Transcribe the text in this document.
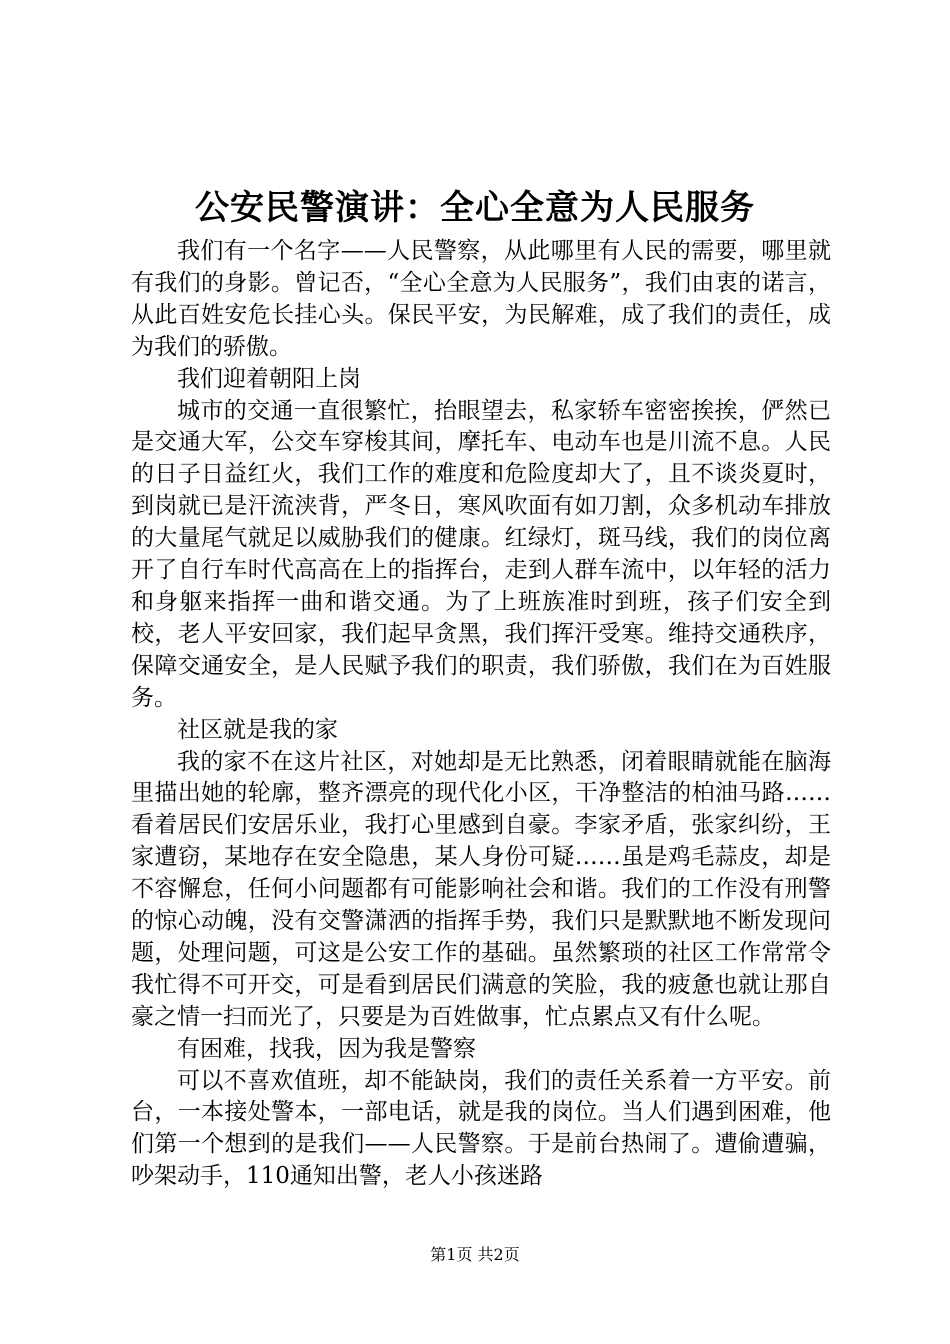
公安民警演讲：全心全意为人民服务

我们有一个名字——人民警察，从此哪里有人民的需要，哪里就有我们的身影。曾记否，“全心全意为人民服务”，我们由衷的诺言，从此百姓安危长挂心头。保民平安，为民解难，成了我们的责任，成为我们的骄傲。

我们迎着朝阳上岗

城市的交通一直很繁忙，抬眼望去，私家轿车密密挨挨，俨然已是交通大军，公交车穿梭其间，摩托车、电动车也是川流不息。人民的日子日益红火，我们工作的难度和危险度却大了，且不谈炎夏时，到岗就已是汗流浃背，严冬日，寒风吹面有如刀割，众多机动车排放的大量尾气就足以威胁我们的健康。红绿灯，斑马线，我们的岗位离开了自行车时代高高在上的指挥台，走到人群车流中，以年轻的活力和身躯来指挥一曲和谐交通。为了上班族准时到班，孩子们安全到校，老人平安回家，我们起早贪黑，我们挥汗受寒。维持交通秩序，保障交通安全，是人民赋予我们的职责，我们骄傲，我们在为百姓服务。

社区就是我的家

我的家不在这片社区，对她却是无比熟悉，闭着眼睛就能在脑海里描出她的轮廓，整齐漂亮的现代化小区，干净整洁的柏油马路……看着居民们安居乐业，我打心里感到自豪。李家矛盾，张家纠纷，王家遭窃，某地存在安全隐患，某人身份可疑……虽是鸡毛蒜皮，却是不容懈怠，任何小问题都有可能影响社会和谐。我们的工作没有刑警的惊心动魄，没有交警潇洒的指挥手势，我们只是默默地不断发现问题，处理问题，可这是公安工作的基础。虽然繁琐的社区工作常常令我忙得不可开交，可是看到居民们满意的笑脸，我的疲惫也就让那自豪之情一扫而光了，只要是为百姓做事，忙点累点又有什么呢。

有困难，找我，因为我是警察

可以不喜欢值班，却不能缺岗，我们的责任关系着一方平安。前台，一本接处警本，一部电话，就是我的岗位。当人们遇到困难，他们第一个想到的是我们——人民警察。于是前台热闹了。遭偷遭骗，吵架动手，110通知出警，老人小孩迷路

第1页 共2页
